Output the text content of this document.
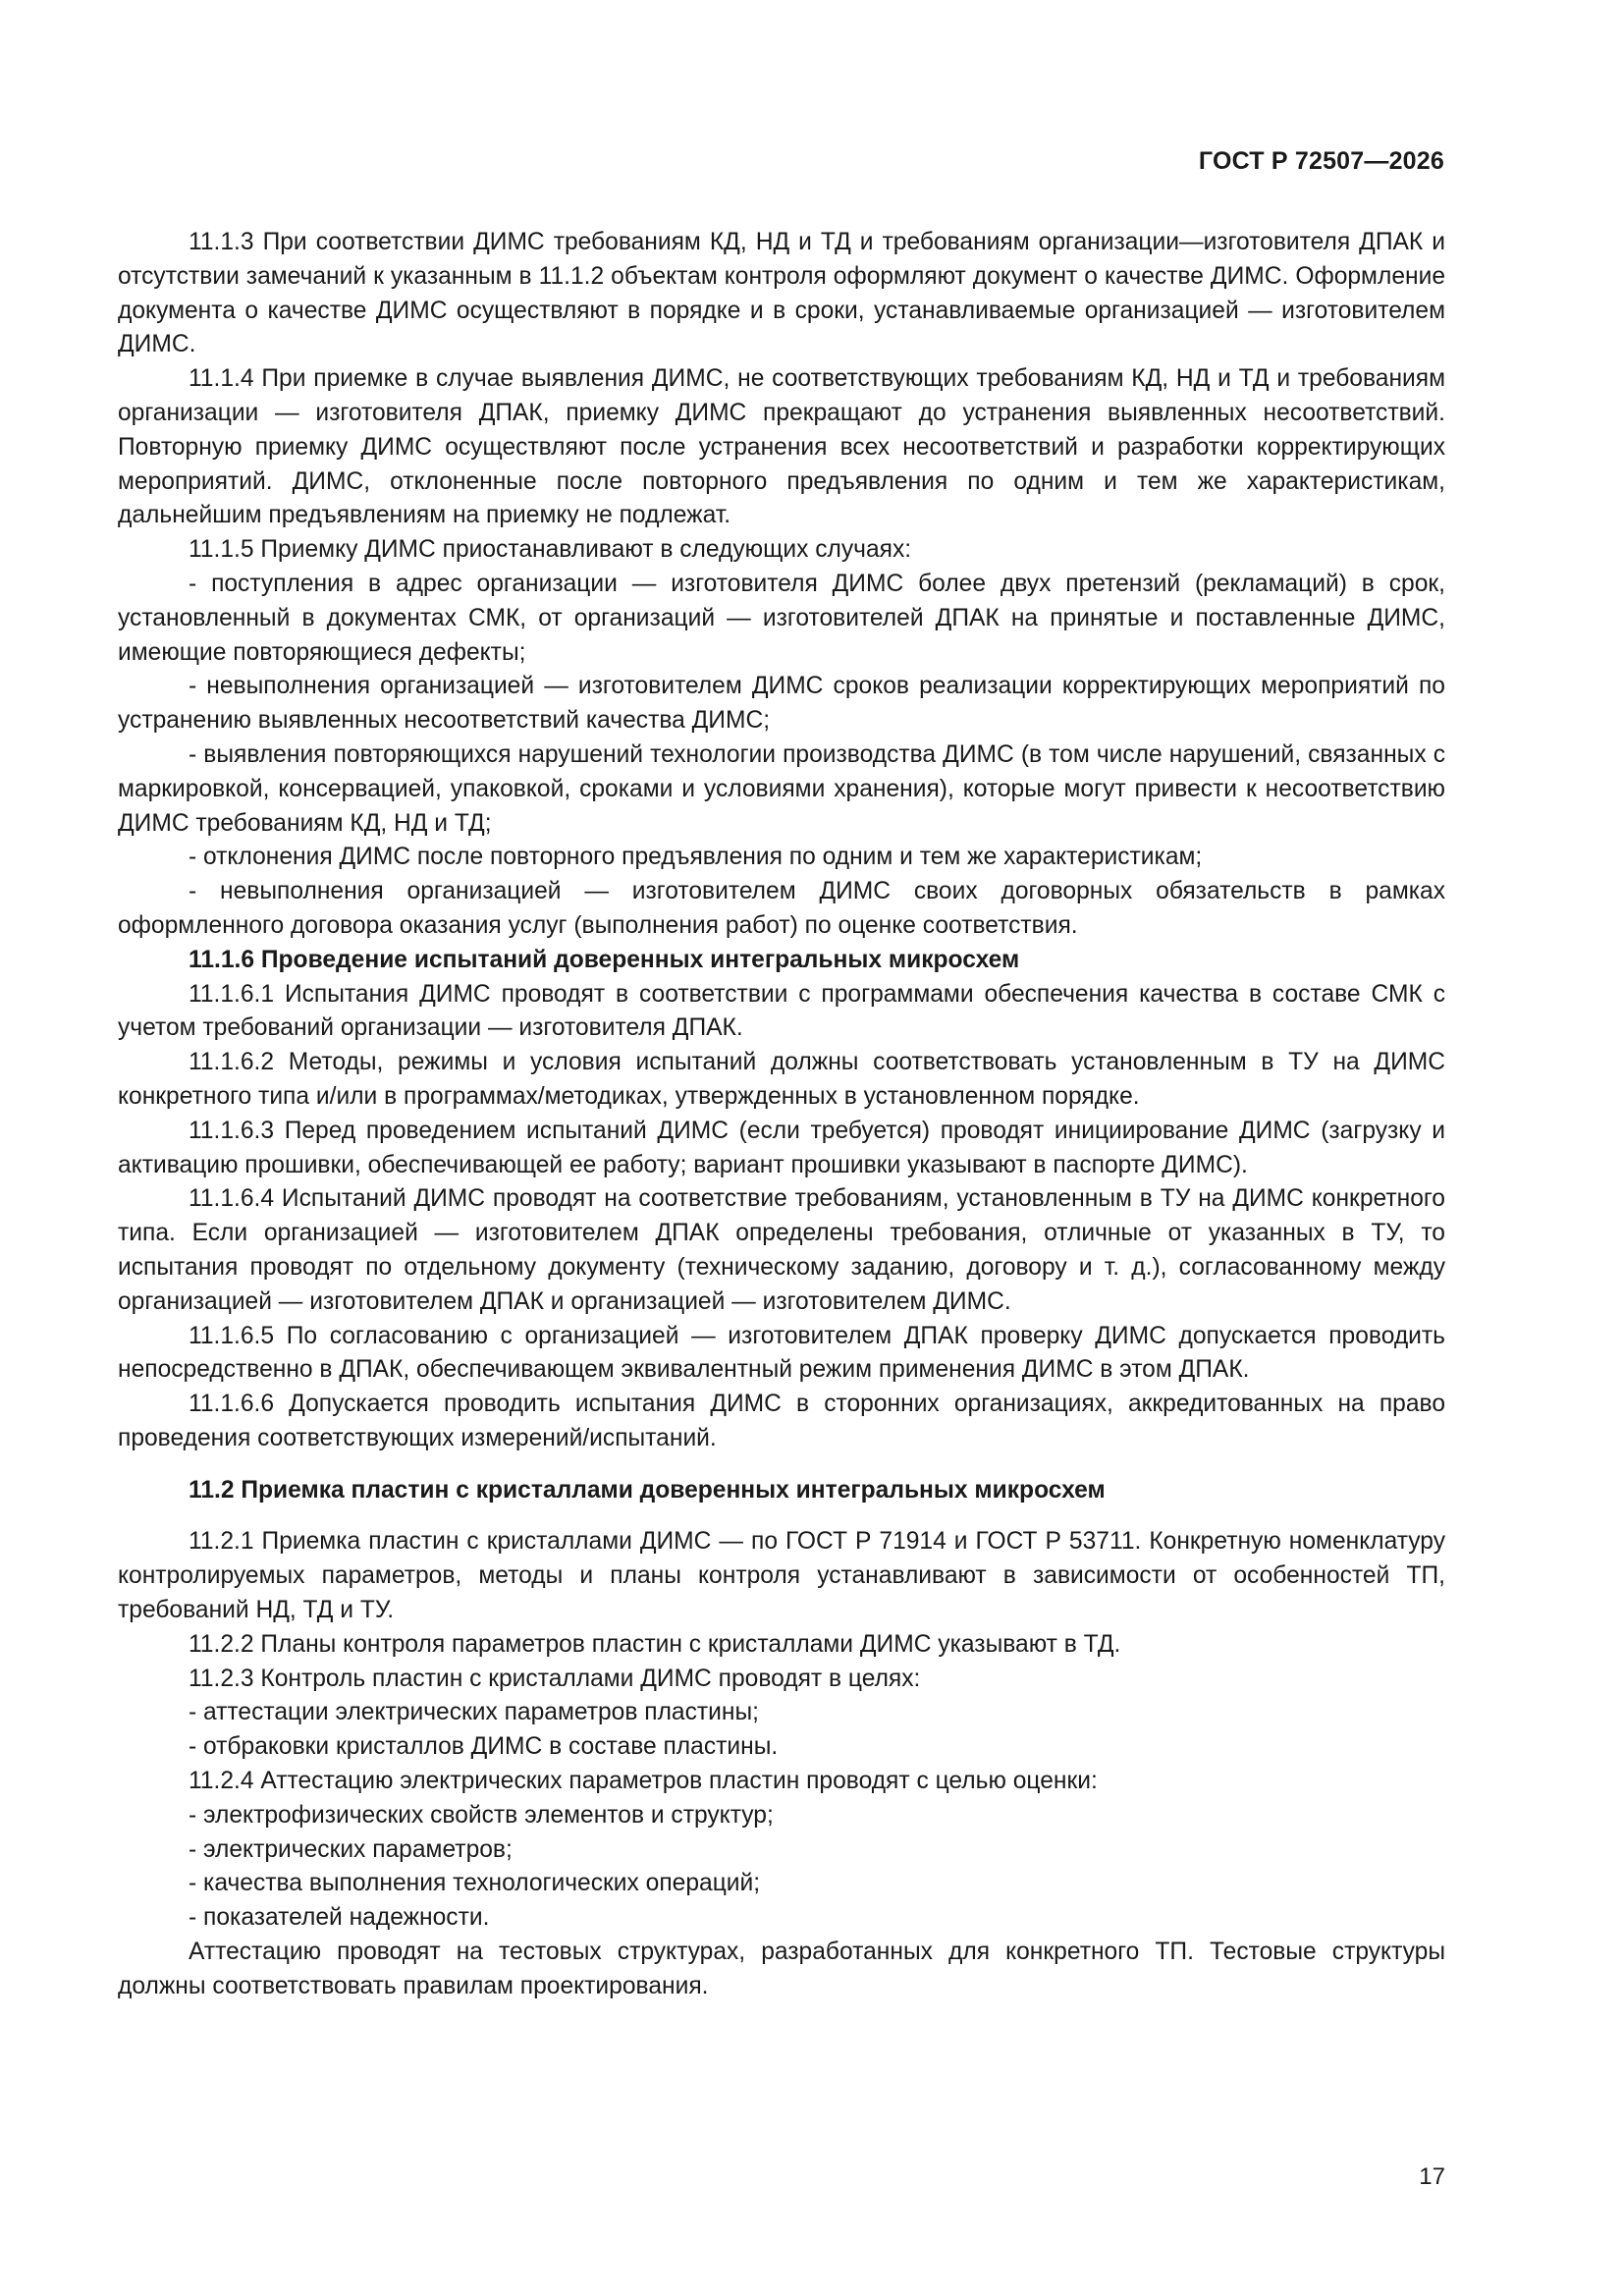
ГОСТ Р 72507—2026

11.1.3 При соответствии ДИМС требованиям КД, НД и ТД и требованиям организации—изготовителя ДПАК и отсутствии замечаний к указанным в 11.1.2 объектам контроля оформляют документ о качестве ДИМС. Оформление документа о качестве ДИМС осуществляют в порядке и в сроки, устанавливаемые организацией — изготовителем ДИМС.

11.1.4 При приемке в случае выявления ДИМС, не соответствующих требованиям КД, НД и ТД и требованиям организации — изготовителя ДПАК, приемку ДИМС прекращают до устранения выявленных несоответствий. Повторную приемку ДИМС осуществляют после устранения всех несоответствий и разработки корректирующих мероприятий. ДИМС, отклоненные после повторного предъявления по одним и тем же характеристикам, дальнейшим предъявлениям на приемку не подлежат.

11.1.5 Приемку ДИМС приостанавливают в следующих случаях:

- поступления в адрес организации — изготовителя ДИМС более двух претензий (рекламаций) в срок, установленный в документах СМК, от организаций — изготовителей ДПАК на принятые и поставленные ДИМС, имеющие повторяющиеся дефекты;

- невыполнения организацией — изготовителем ДИМС сроков реализации корректирующих мероприятий по устранению выявленных несоответствий качества ДИМС;

- выявления повторяющихся нарушений технологии производства ДИМС (в том числе нарушений, связанных с маркировкой, консервацией, упаковкой, сроками и условиями хранения), которые могут привести к несоответствию ДИМС требованиям КД, НД и ТД;

- отклонения ДИМС после повторного предъявления по одним и тем же характеристикам;

- невыполнения организацией — изготовителем ДИМС своих договорных обязательств в рамках оформленного договора оказания услуг (выполнения работ) по оценке соответствия.

11.1.6 Проведение испытаний доверенных интегральных микросхем

11.1.6.1 Испытания ДИМС проводят в соответствии с программами обеспечения качества в составе СМК с учетом требований организации — изготовителя ДПАК.

11.1.6.2 Методы, режимы и условия испытаний должны соответствовать установленным в ТУ на ДИМС конкретного типа и/или в программах/методиках, утвержденных в установленном порядке.

11.1.6.3 Перед проведением испытаний ДИМС (если требуется) проводят инициирование ДИМС (загрузку и активацию прошивки, обеспечивающей ее работу; вариант прошивки указывают в паспорте ДИМС).

11.1.6.4 Испытаний ДИМС проводят на соответствие требованиям, установленным в ТУ на ДИМС конкретного типа. Если организацией — изготовителем ДПАК определены требования, отличные от указанных в ТУ, то испытания проводят по отдельному документу (техническому заданию, договору и т. д.), согласованному между организацией — изготовителем ДПАК и организацией — изготовителем ДИМС.

11.1.6.5 По согласованию с организацией — изготовителем ДПАК проверку ДИМС допускается проводить непосредственно в ДПАК, обеспечивающем эквивалентный режим применения ДИМС в этом ДПАК.

11.1.6.6 Допускается проводить испытания ДИМС в сторонних организациях, аккредитованных на право проведения соответствующих измерений/испытаний.

11.2 Приемка пластин с кристаллами доверенных интегральных микросхем

11.2.1 Приемка пластин с кристаллами ДИМС — по ГОСТ Р 71914 и ГОСТ Р 53711. Конкретную номенклатуру контролируемых параметров, методы и планы контроля устанавливают в зависимости от особенностей ТП, требований НД, ТД и ТУ.

11.2.2 Планы контроля параметров пластин с кристаллами ДИМС указывают в ТД.

11.2.3 Контроль пластин с кристаллами ДИМС проводят в целях:

- аттестации электрических параметров пластины;

- отбраковки кристаллов ДИМС в составе пластины.

11.2.4 Аттестацию электрических параметров пластин проводят с целью оценки:

- электрофизических свойств элементов и структур;

- электрических параметров;

- качества выполнения технологических операций;

- показателей надежности.

Аттестацию проводят на тестовых структурах, разработанных для конкретного ТП. Тестовые структуры должны соответствовать правилам проектирования.

17
